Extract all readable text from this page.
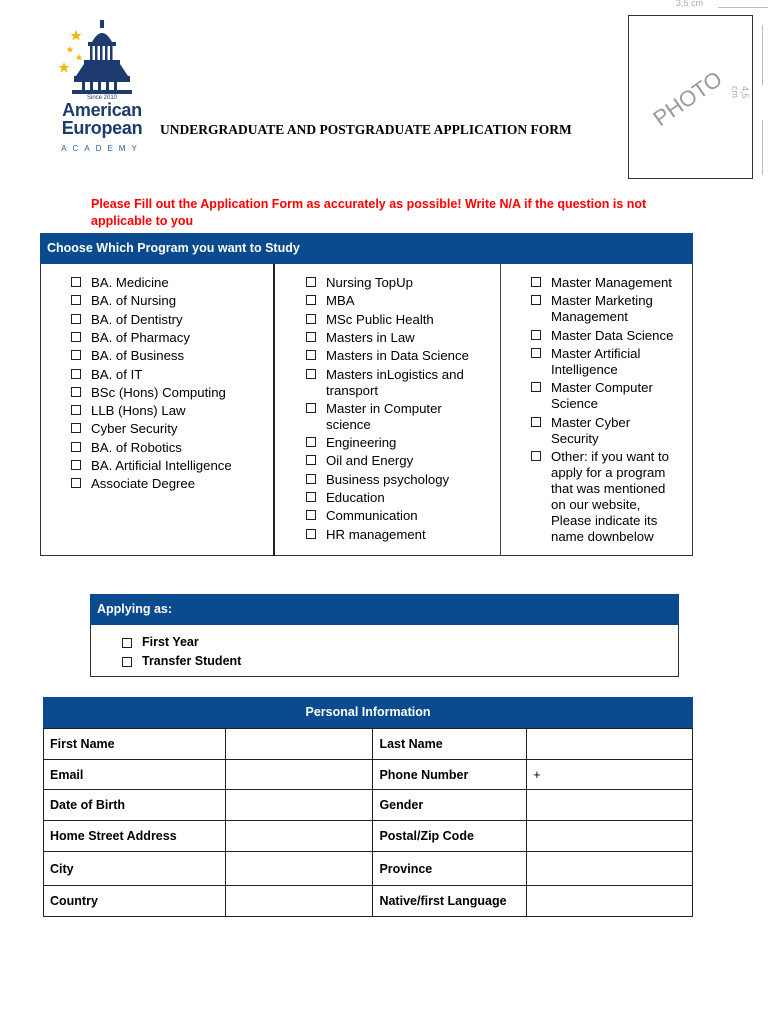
Since 2010
American
European
ACADEMY
UNDERGRADUATE AND POSTGRADUATE APPLICATION FORM
3,5 cm
4,5 cm
PHOTO
Please Fill out the Application Form as accurately as possible! Write N/A if the question is not applicable to you
Choose Which Program you want to Study
BA. Medicine
BA. of Nursing
BA. of Dentistry
BA. of Pharmacy
BA. of Business
BA. of IT
BSc (Hons) Computing
LLB (Hons) Law
Cyber Security
BA. of Robotics
BA. Artificial Intelligence
Associate Degree
Nursing TopUp
MBA
MSc Public Health
Masters in Law
Masters in Data Science
Masters inLogistics and
transport
Master in Computer
science
Engineering
Oil and Energy
Business psychology
Education
Communication
HR management
Master Management
Master Marketing
Management
Master Data Science
Master Artificial
Intelligence
Master Computer
Science
Master Cyber
Security
Other: if you want to
apply for a program
that was mentioned
on our website,
Please indicate its
name downbelow
Applying as:
First Year
Transfer Student
Personal Information
First Name		Last Name	
Email		Phone Number	+
Date of Birth		Gender	
Home Street Address		Postal/Zip Code	
City		Province	
Country		Native/first Language	
